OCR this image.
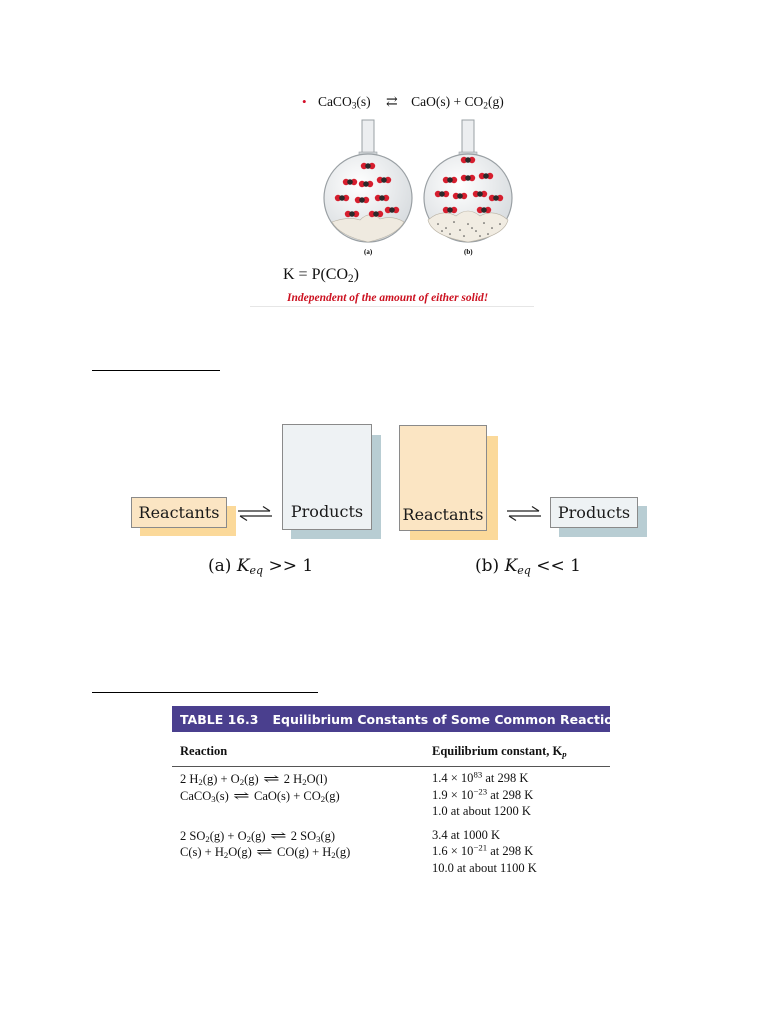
• CaCO$_3$(s) ⇄ $CaO(s) + CO_2(g)$
(a)	(b)
$K = P(CO_2)$
Independent of the amount of either solid!
Reactants	⇌	Products
(a) $K_{eq} >> 1$
Reactants ⇌ Products
(b) $K_{eq} << 1$
TABLE 16.3 Equilibrium Constants of Some Common Reactions
Reaction	Equilibrium constant, $K_p$
2 $H_2(g) + O_2(g)$ ⇌ 2 $H_2O(l)$	$1.4 \times 10^{83}$ at 298 K
CaCO$_3$(s) ⇌ $CaO(s) + CO_2(g)$	$1.9 \times 10^{-23}$ at 298 K
1.0 at about 1200 K
2 $SO_2(g) + O_2(g)$ ⇌ 2 $SO_3(g)$	3.4 at 1000 K
$C(s) + H_2O(g)$ ⇌ $CO(g) + H_2(g)$	$1.6 \times 10^{-21}$ at 298 K
10.0 at about 1100 K
